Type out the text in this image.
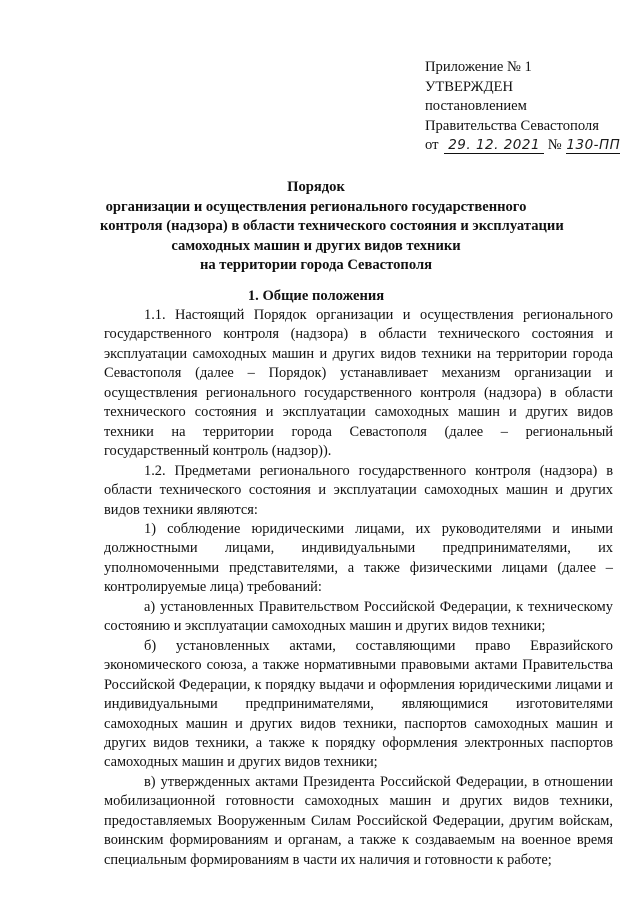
Приложение № 1
УТВЕРЖДЕН
постановлением
Правительства Севастополя
от 29. 12. 2021 № 130-ПП
Порядок
организации и осуществления регионального государственного
контроля (надзора) в области технического состояния и эксплуатации
самоходных машин и других видов техники
на территории города Севастополя
1. Общие положения

1.1. Настоящий Порядок организации и осуществления регионального государственного контроля (надзора) в области технического состояния и эксплуатации самоходных машин и других видов техники на территории города Севастополя (далее – Порядок) устанавливает механизм организации и осуществления регионального государственного контроля (надзора) в области технического состояния и эксплуатации самоходных машин и других видов техники на территории города Севастополя (далее – региональный государственный контроль (надзор)).

1.2. Предметами регионального государственного контроля (надзора) в области технического состояния и эксплуатации самоходных машин и других видов техники являются:

1) соблюдение юридическими лицами, их руководителями и иными должностными лицами, индивидуальными предпринимателями, их уполномоченными представителями, а также физическими лицами (далее – контролируемые лица) требований:

а) установленных Правительством Российской Федерации, к техническому состоянию и эксплуатации самоходных машин и других видов техники;

б) установленных актами, составляющими право Евразийского экономического союза, а также нормативными правовыми актами Правительства Российской Федерации, к порядку выдачи и оформления юридическими лицами и индивидуальными предпринимателями, являющимися изготовителями самоходных машин и других видов техники, паспортов самоходных машин и других видов техники, а также к порядку оформления электронных паспортов самоходных машин и других видов техники;

в) утвержденных актами Президента Российской Федерации, в отношении мобилизационной готовности самоходных машин и других видов техники, предоставляемых Вооруженным Силам Российской Федерации, другим войскам, воинским формированиям и органам, а также к создаваемым на военное время специальным формированиям в части их наличия и готовности к работе;
